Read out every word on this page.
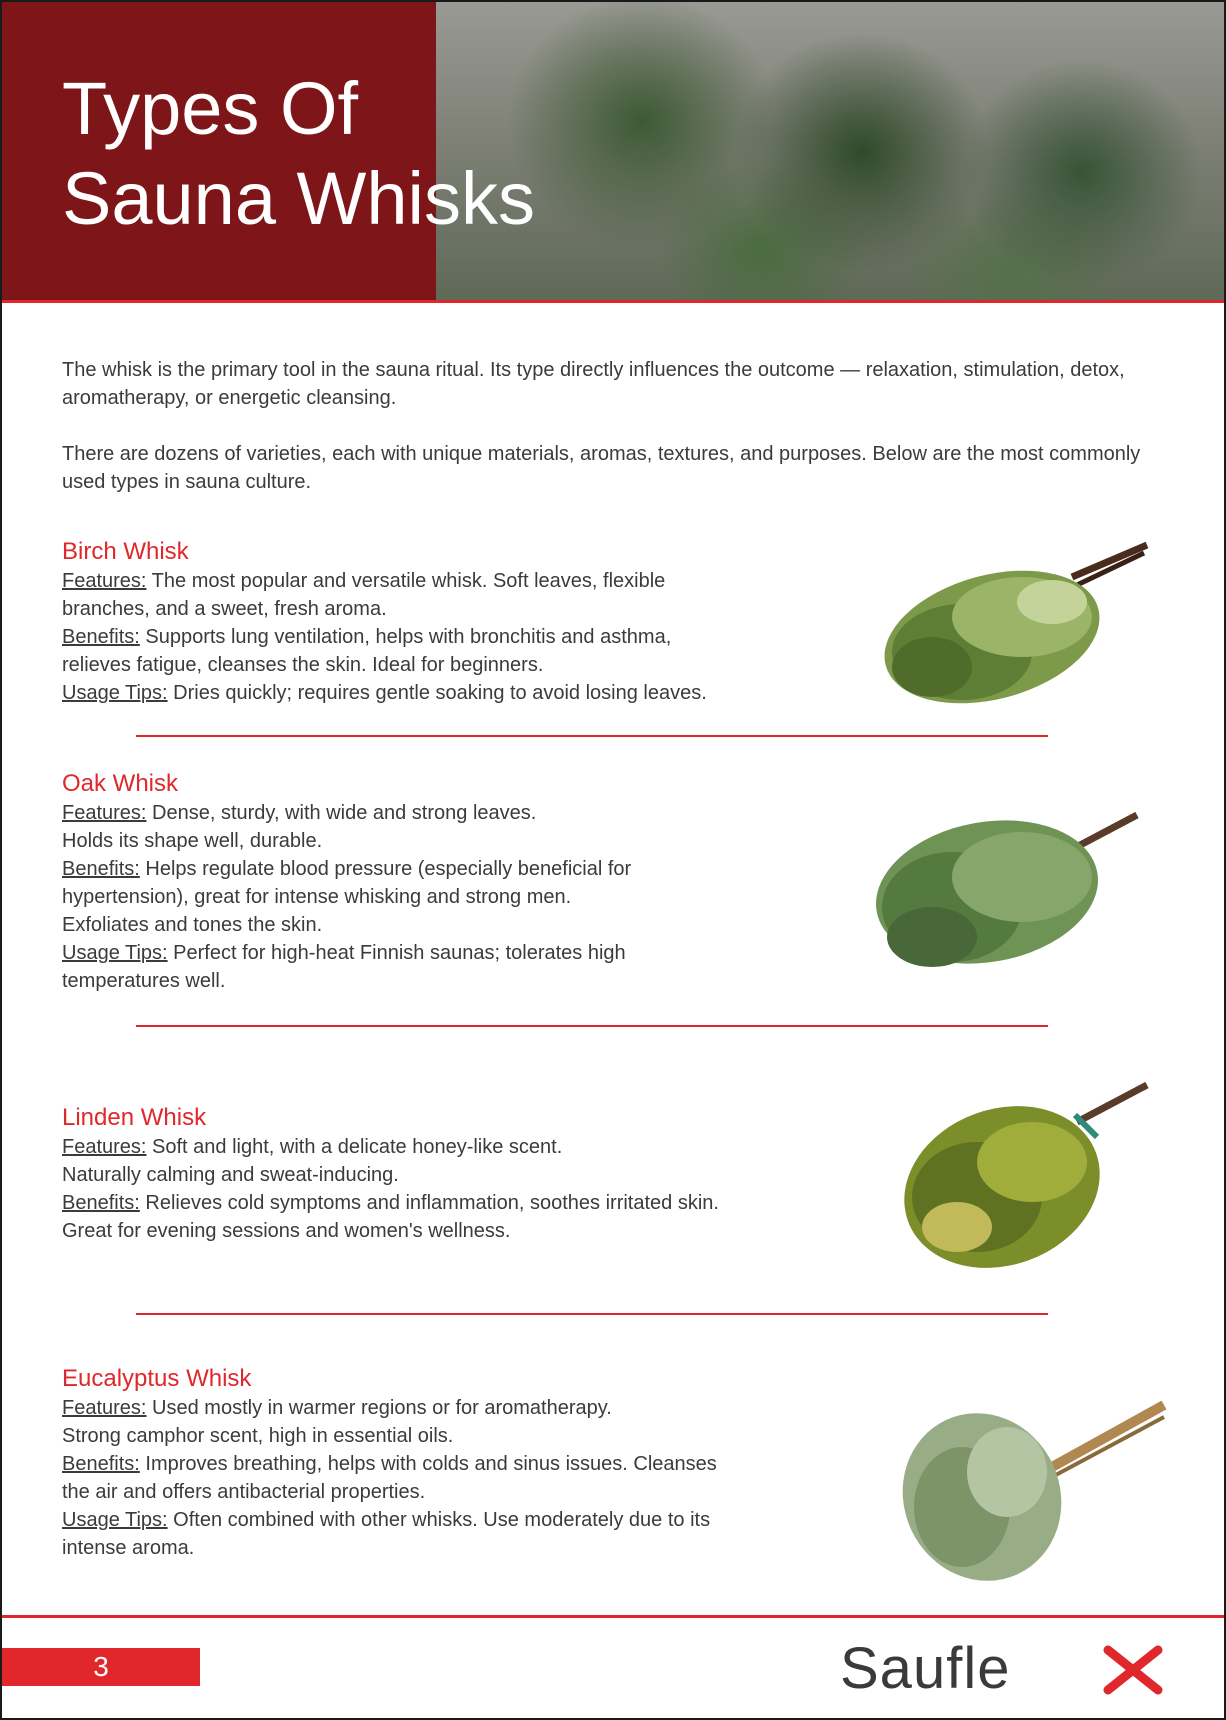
Types Of
Sauna Whisks

The whisk is the primary tool in the sauna ritual. Its type directly influences the outcome — relaxation, stimulation, detox, aromatherapy, or energetic cleansing.

There are dozens of varieties, each with unique materials, aromas, textures, and purposes. Below are the most commonly used types in sauna culture.

Birch Whisk
Features: The most popular and versatile whisk. Soft leaves, flexible
branches, and a sweet, fresh aroma.
Benefits: Supports lung ventilation, helps with bronchitis and asthma,
relieves fatigue, cleanses the skin. Ideal for beginners.
Usage Tips: Dries quickly; requires gentle soaking to avoid losing leaves.
Oak Whisk
Features: Dense, sturdy, with wide and strong leaves.
Holds its shape well, durable.
Benefits: Helps regulate blood pressure (especially beneficial for
hypertension), great for intense whisking and strong men.
Exfoliates and tones the skin.
Usage Tips: Perfect for high-heat Finnish saunas; tolerates high
temperatures well.
Linden Whisk
Features: Soft and light, with a delicate honey-like scent.
Naturally calming and sweat-inducing.
Benefits: Relieves cold symptoms and inflammation, soothes irritated skin.
Great for evening sessions and women's wellness.
Eucalyptus Whisk
Features: Used mostly in warmer regions or for aromatherapy.
Strong camphor scent, high in essential oils.
Benefits: Improves breathing, helps with colds and sinus issues. Cleanses
the air and offers antibacterial properties.
Usage Tips: Often combined with other whisks. Use moderately due to its
intense aroma.
3	Saufle
